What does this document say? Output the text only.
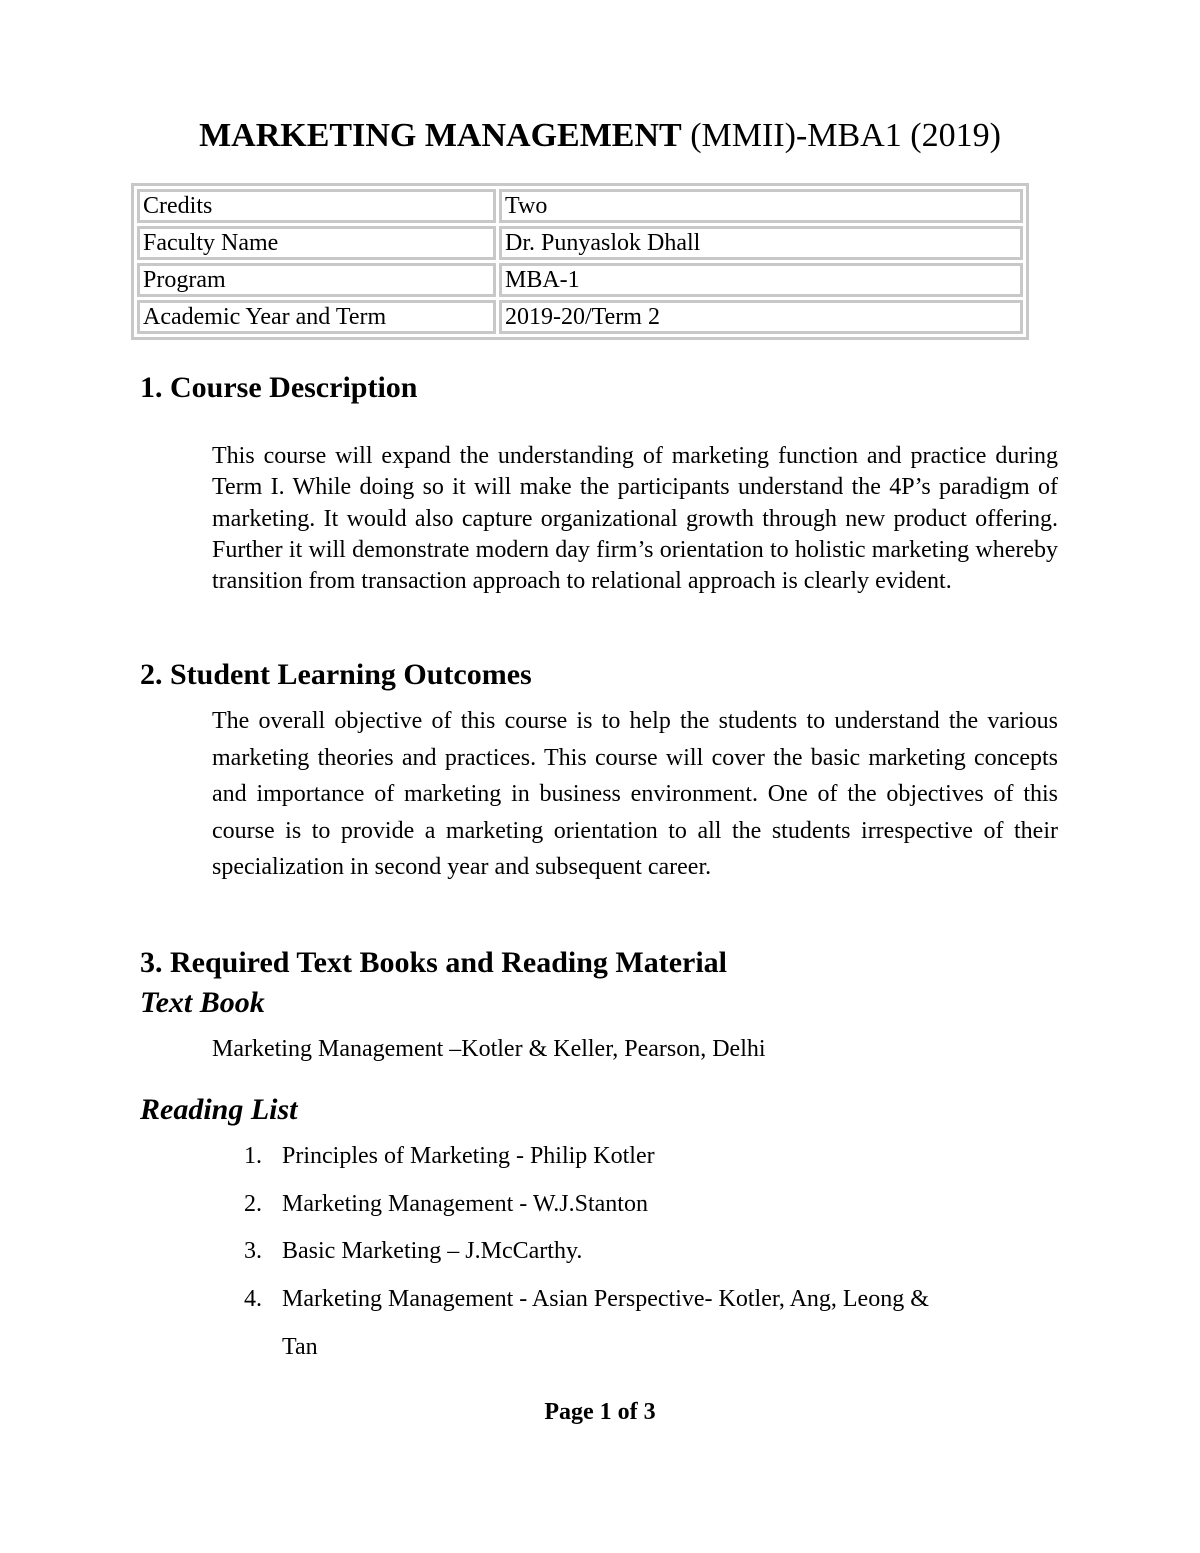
MARKETING MANAGEMENT (MMII)-MBA1 (2019)
Credits	Two
Faculty Name	Dr. Punyaslok Dhall
Program	MBA-1
Academic Year and Term	2019-20/Term 2
1. Course Description

This course will expand the understanding of marketing function and practice during Term I. While doing so it will make the participants understand the 4P’s paradigm of marketing. It would also capture organizational growth through new product offering. Further it will demonstrate modern day firm’s orientation to holistic marketing whereby transition from transaction approach to relational approach is clearly evident.

2. Student Learning Outcomes

The overall objective of this course is to help the students to understand the various marketing theories and practices. This course will cover the basic marketing concepts and importance of marketing in business environment. One of the objectives of this course is to provide a marketing orientation to all the students irrespective of their specialization in second year and subsequent career.

3. Required Text Books and Reading Material
Text Book
Marketing Management –Kotler & Keller, Pearson, Delhi
Reading List
1. Principles of Marketing - Philip Kotler
2. Marketing Management - W.J.Stanton
3. Basic Marketing – J.McCarthy.
4. Marketing Management - Asian Perspective- Kotler, Ang, Leong &
Tan
Page 1 of 3
